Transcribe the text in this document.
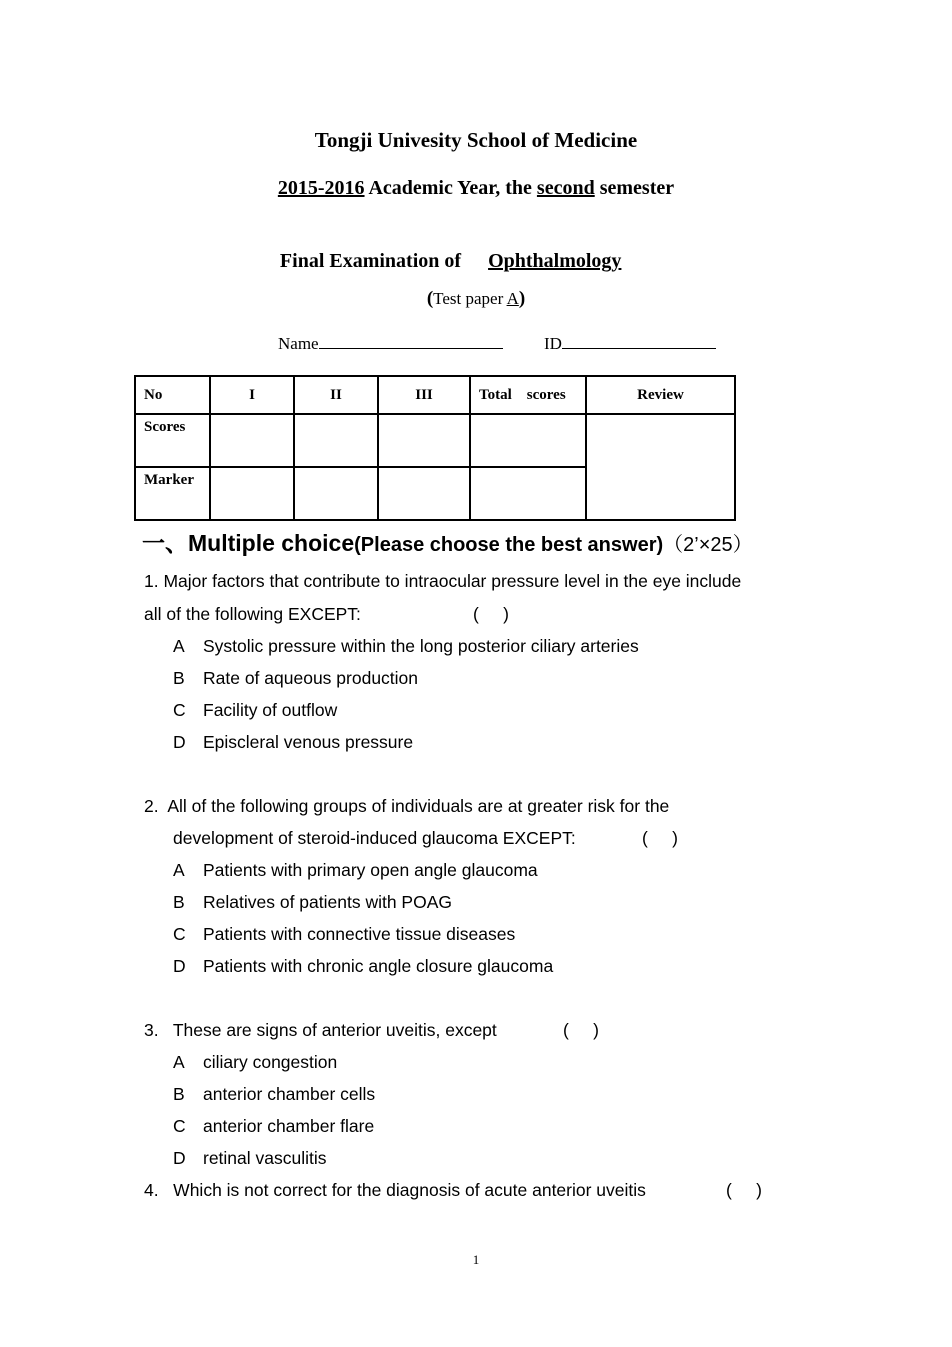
Tongji Univesity School of Medicine
2015-2016 Academic Year, the second semester
Final Examination of Ophthalmology
(Test paper A)
Name	ID
No	I	II	III	Total    scores	Review
Scores					
Marker					
一、Multiple choice(Please choose the best answer)（2’×25）
1. Major factors that contribute to intraocular pressure level in the eye include
all of the following EXCEPT:	(     )
A Systolic pressure within the long posterior ciliary arteries
B Rate of aqueous production
C Facility of outflow
D Episcleral venous pressure
2.  All of the following groups of individuals are at greater risk for the
development of steroid-induced glaucoma EXCEPT:	(     )
A Patients with primary open angle glaucoma
B Relatives of patients with POAG
C Patients with connective tissue diseases
D Patients with chronic angle closure glaucoma
3.   These are signs of anterior uveitis, except	(     )
A ciliary congestion
B anterior chamber cells
C anterior chamber flare
D retinal vasculitis
4.   Which is not correct for the diagnosis of acute anterior uveitis	(     )
1
